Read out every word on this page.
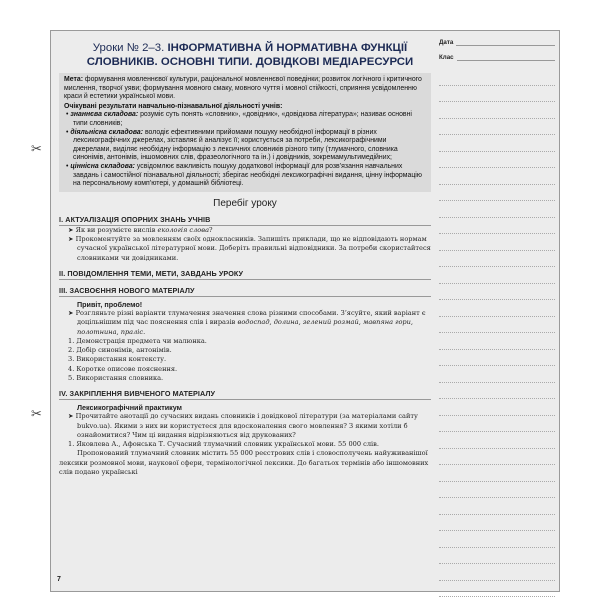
✂
✂
Уроки № 2–3. ІНФОРМАТИВНА Й НОРМАТИВНА ФУНКЦІЇ
СЛОВНИКІВ. ОСНОВНІ ТИПИ. ДОВІДКОВІ МЕДІАРЕСУРСИ
Мета: формування мовленнєвої культури, раціональної мовленнєвої поведінки; розвиток логічного і критичного мислення, творчої уяви; формування мовного смаку, мовного чуття і мовної стійкості, сприяння усвідомленню краси й естетики української мови.
Очікувані результати навчально-пізнавальної діяльності учнів:
• знаннєва складова: розуміє суть понять «словник», «довідник», «довідкова література»; називає основні типи словників;
• діяльнісна складова: володіє ефективними прийомами пошуку необхідної інформації в різних лексикографічних джерелах, зіставляє й аналізує її; користується за потреби, лексикографічними джерелами, виділяє необхідну інформацію з лексичних словників різного типу (тлумачного, словника синонімів, антонімів, іншомовних слів, фразеологічного та ін.) і довідників, зокремамультимедійних;
• ціннісна складова: усвідомлює важливість пошуку додаткової інформації для розв’язання навчальних завдань і самостійної пізнавальної діяльності; зберігає необхідні лексикографічні видання, цінну інформацію на персональному комп’ютері, у домашній бібліотеці.
Перебіг уроку
I. АКТУАЛІЗАЦІЯ ОПОРНИХ ЗНАНЬ УЧНІВ
➤ Як ви розумієте вислів екологія слова?
➤ Прокоментуйте за мовленням своїх однокласників. Запишіть приклади, що не відповідають нормам сучасної української літературної мови. Доберіть правильні відповідники. За потреби скористайтеся словниками чи довідниками.
II. ПОВІДОМЛЕННЯ ТЕМИ, МЕТИ, ЗАВДАНЬ УРОКУ
III. ЗАСВОЄННЯ НОВОГО МАТЕРІАЛУ
Привіт, проблемо!
➤ Розгляньте різні варіанти тлумачення значення слова різними способами. З’ясуйте, який варіант є доцільнішим під час пояснення слів і виразів водоспад, долина, зелений розмай, мавпяна гори, полотнина, праліс.
1. Демонстрація предмета чи малюнка.
2. Добір синонімів, антонімів.
3. Використання контексту.
4. Коротке описове пояснення.
5. Використання словника.
IV. ЗАКРІПЛЕННЯ ВИВЧЕНОГО МАТЕРІАЛУ
Лексикографічний практикум
➤ Прочитайте анотації до сучасних видань словників і довідкової літератури (за матеріалами сайту bukvo.ua). Якими з них ви користуєтеся для вдосконалення свого мовлення? З якими хотіли б ознайомитися? Чим ці видання відрізняються від друкованих?
1. Яковлева А., Афонська Т. Сучасний тлумачний словник української мови. 55 000 слів.
Пропонований тлумачний словник містить 55 000 реєстрових слів і словосполучень найуживанішої лексики розмовної мови, наукової сфери, термінологічної лексики. До багатьох термінів або іншомовних слів подано українські
Дата
Клас
7
